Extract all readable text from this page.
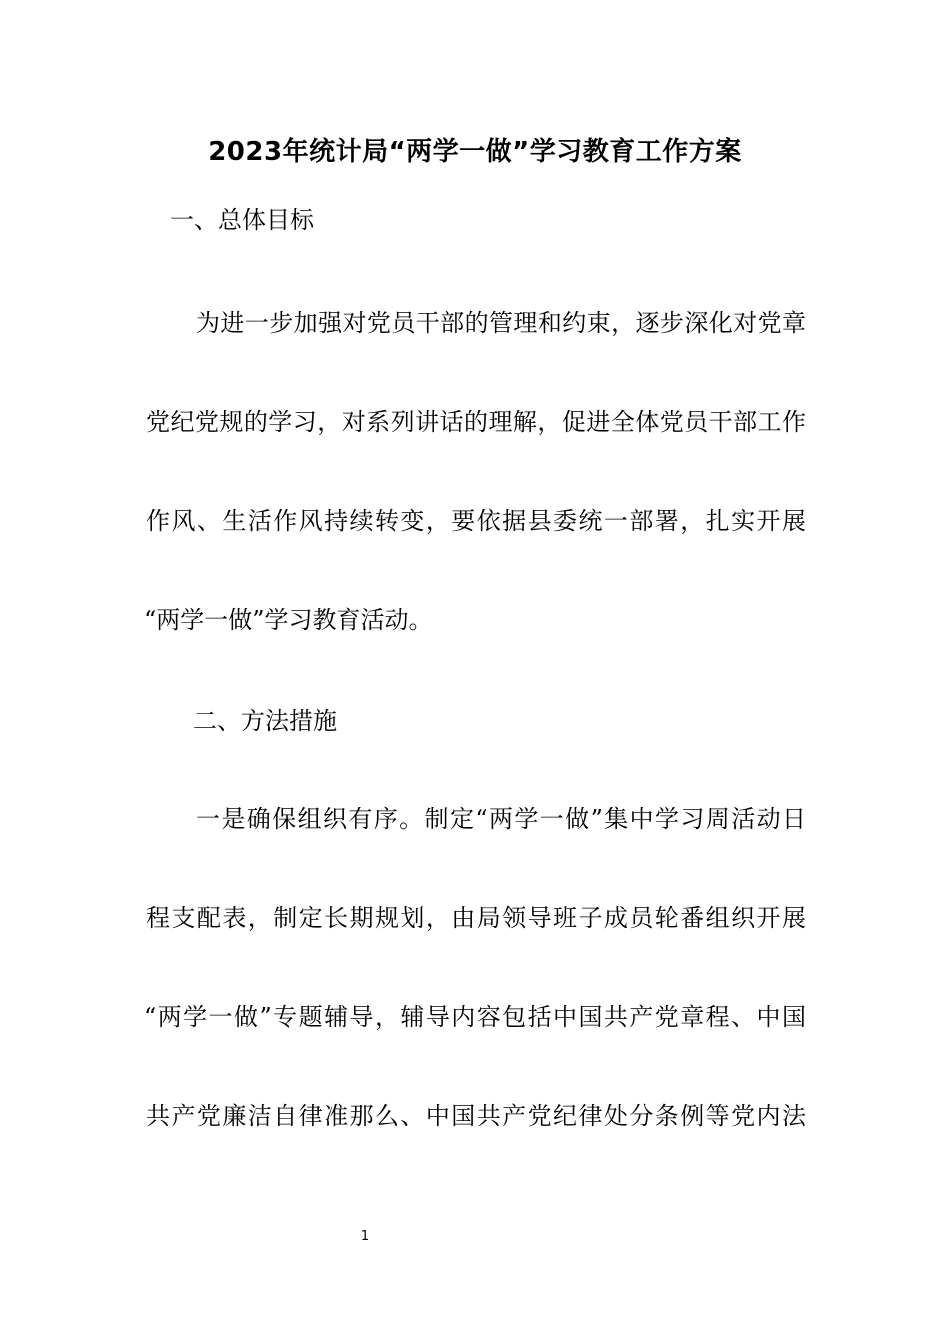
2023年统计局“两学一做”学习教育工作方案
一、总体目标
为进一步加强对党员干部的管理和约束，逐步深化对党章
党纪党规的学习，对系列讲话的理解，促进全体党员干部工作
作风、生活作风持续转变，要依据县委统一部署，扎实开展
“两学一做”学习教育活动。
二、方法措施
一是确保组织有序。制定“两学一做”集中学习周活动日
程支配表，制定长期规划，由局领导班子成员轮番组织开展
“两学一做”专题辅导，辅导内容包括中国共产党章程、中国
共产党廉洁自律准那么、中国共产党纪律处分条例等党内法
1
